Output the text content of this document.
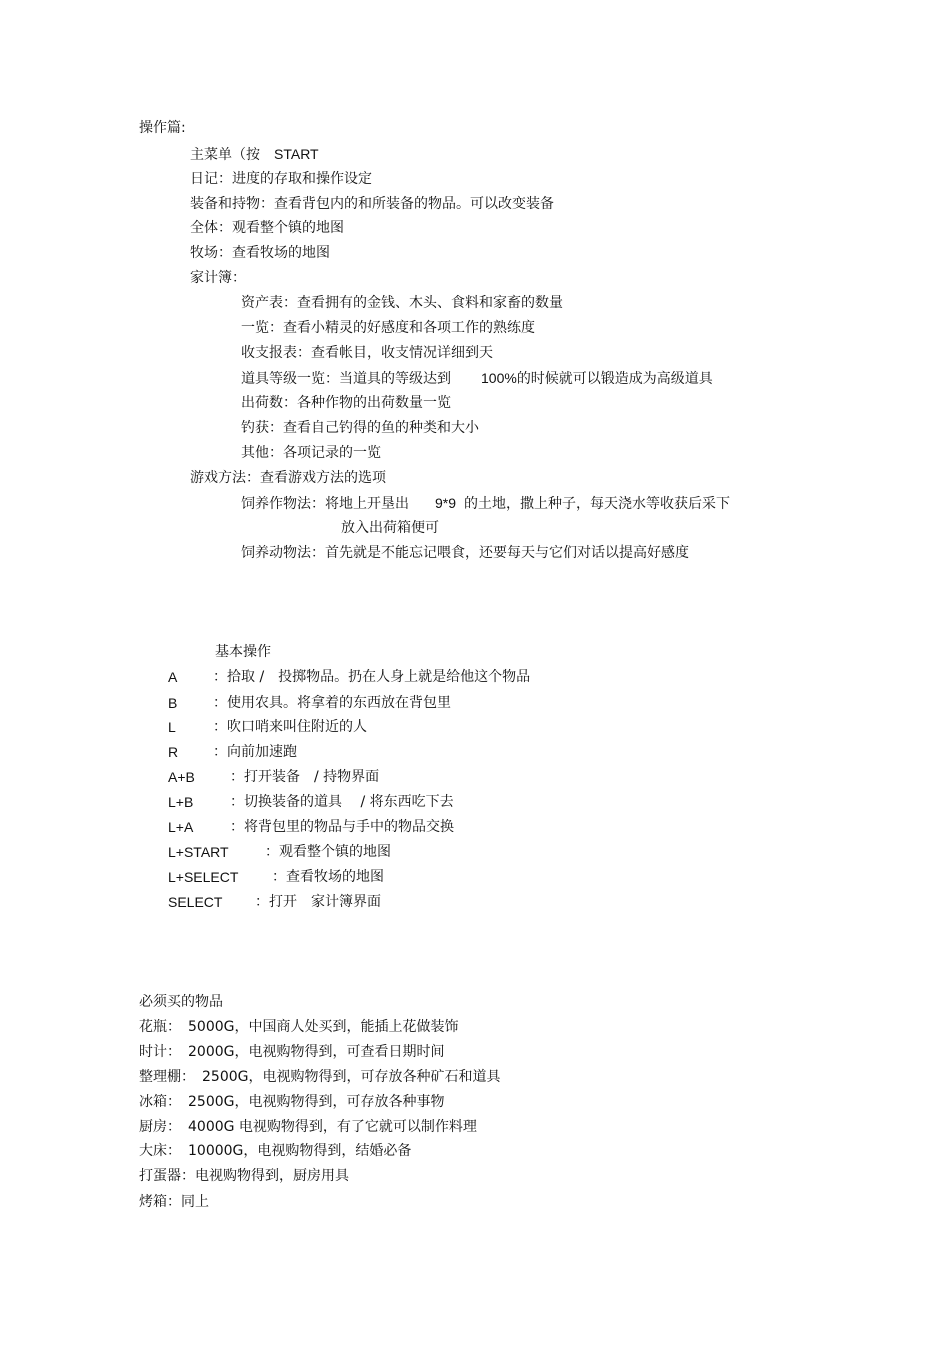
操作篇:
主菜单（按 START
日记：进度的存取和操作设定
装备和持物：查看背包内的和所装备的物品。可以改变装备
全体：观看整个镇的地图
牧场：查看牧场的地图
家计簿：
资产表：查看拥有的金钱、木头、食料和家畜的数量
一览：查看小精灵的好感度和各项工作的熟练度
收支报表：查看帐目，收支情况详细到天
道具等级一览：当道具的等级达到 100%的时候就可以锻造成为高级道具
出荷数：各种作物的出荷数量一览
钓获：查看自己钓得的鱼的种类和大小
其他：各项记录的一览
游戏方法：查看游戏方法的选项
饲养作物法：将地上开垦出 9*9 的土地，撒上种子，每天浇水等收获后采下
放入出荷箱便可
饲养动物法：首先就是不能忘记喂食，还要每天与它们对话以提高好感度
基本操作
A	：拾取 /　投掷物品。扔在人身上就是给他这个物品
B	：使用农具。将拿着的东西放在背包里
L	：吹口哨来叫住附近的人
R ：向前加速跑
A+B	：打开装备　/ 持物界面
L+B	：切换装备的道具　 / 将东西吃下去
L+A	：将背包里的物品与手中的物品交换
L+START	：观看整个镇的地图
L+SELECT ：查看牧场的地图
SELECT ：打开　家计簿界面
必须买的物品
花瓶：　5000G，中国商人处买到，能插上花做装饰
时计：　2000G，电视购物得到，可查看日期时间
整理棚：　2500G，电视购物得到，可存放各种矿石和道具
冰箱：　2500G，电视购物得到，可存放各种事物
厨房：　4000G 电视购物得到，有了它就可以制作料理
大床：　10000G，电视购物得到，结婚必备
打蛋器：电视购物得到，厨房用具
烤箱：同上
